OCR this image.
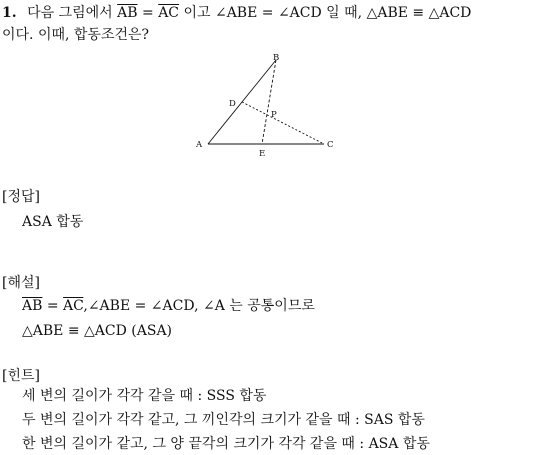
1. 다음 그림에서 $\overline{AB} = \overline{AC}$ 이고 ∠ABE = ∠ACD 일 때, △ABE ≡ △ACD
이다. 이때, 합동조건은?
A
B
C
D
E
P
[정답]
ASA 합동
[해설]
$\overline{AB}$ = $\overline{AC},\angle ABE$ = ∠ACD, ∠A 는 공통이므로
△ABE ≡ △ACD (ASA)
[힌트]
세 변의 길이가 각각 같을 때 : SSS 합동
두 변의 길이가 각각 같고, 그 끼인각의 크기가 같을 때 : SAS 합동
한 변의 길이가 같고, 그 양 끝각의 크기가 각각 같을 때 : ASA 합동
